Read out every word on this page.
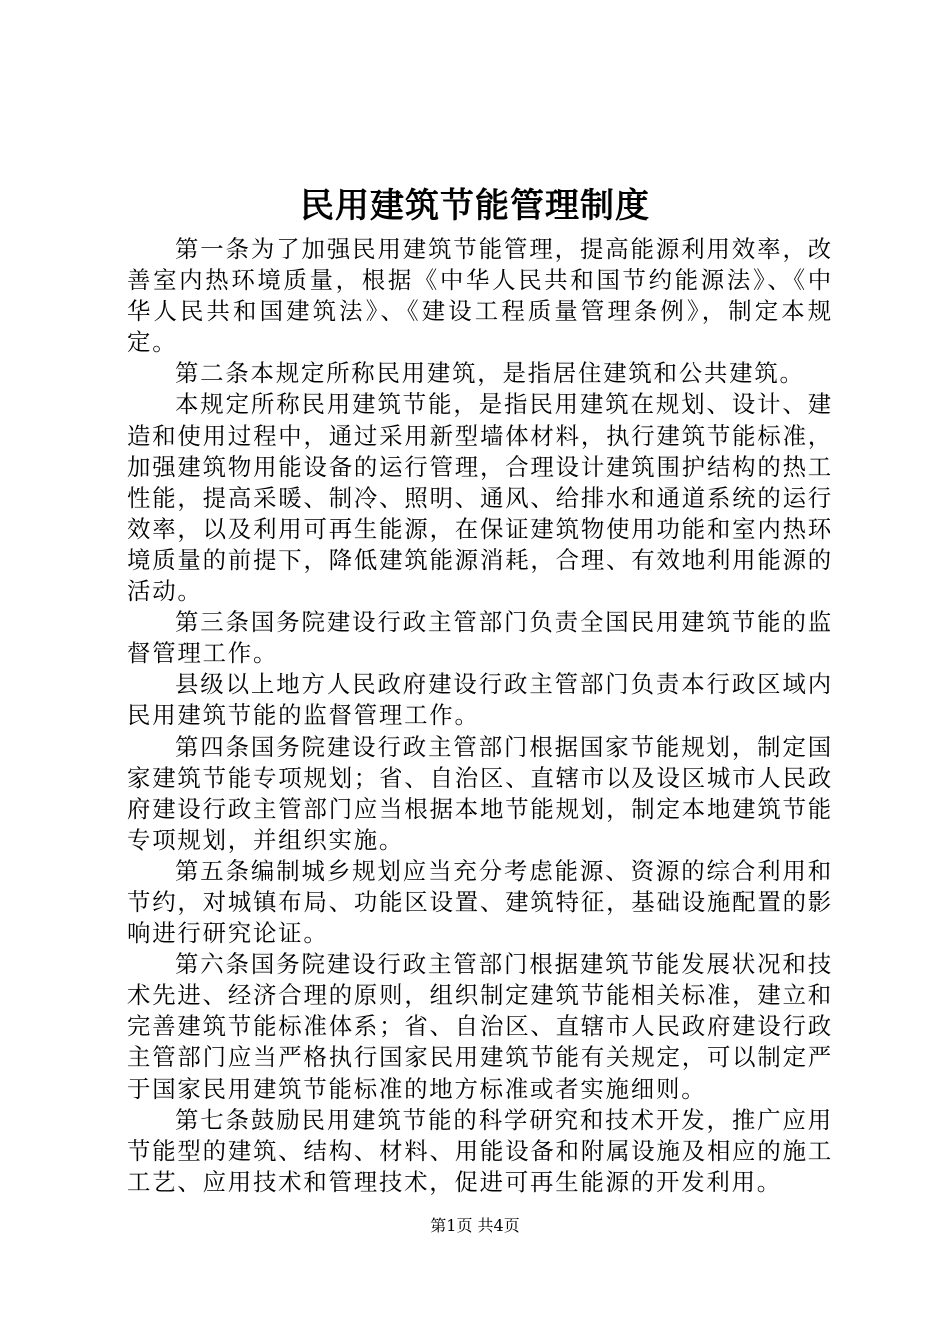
民用建筑节能管理制度

第一条为了加强民用建筑节能管理，提高能源利用效率，改善室内热环境质量，根据《中华人民共和国节约能源法》、《中华人民共和国建筑法》、《建设工程质量管理条例》，制定本规定。

第二条本规定所称民用建筑，是指居住建筑和公共建筑。

本规定所称民用建筑节能，是指民用建筑在规划、设计、建造和使用过程中，通过采用新型墙体材料，执行建筑节能标准，加强建筑物用能设备的运行管理，合理设计建筑围护结构的热工性能，提高采暖、制冷、照明、通风、给排水和通道系统的运行效率，以及利用可再生能源，在保证建筑物使用功能和室内热环境质量的前提下，降低建筑能源消耗，合理、有效地利用能源的活动。

第三条国务院建设行政主管部门负责全国民用建筑节能的监督管理工作。

县级以上地方人民政府建设行政主管部门负责本行政区域内民用建筑节能的监督管理工作。

第四条国务院建设行政主管部门根据国家节能规划，制定国家建筑节能专项规划；省、自治区、直辖市以及设区城市人民政府建设行政主管部门应当根据本地节能规划，制定本地建筑节能专项规划，并组织实施。

第五条编制城乡规划应当充分考虑能源、资源的综合利用和节约，对城镇布局、功能区设置、建筑特征，基础设施配置的影响进行研究论证。

第六条国务院建设行政主管部门根据建筑节能发展状况和技术先进、经济合理的原则，组织制定建筑节能相关标准，建立和完善建筑节能标准体系；省、自治区、直辖市人民政府建设行政主管部门应当严格执行国家民用建筑节能有关规定，可以制定严于国家民用建筑节能标准的地方标准或者实施细则。

第七条鼓励民用建筑节能的科学研究和技术开发，推广应用节能型的建筑、结构、材料、用能设备和附属设施及相应的施工工艺、应用技术和管理技术，促进可再生能源的开发利用。

第1页 共4页
